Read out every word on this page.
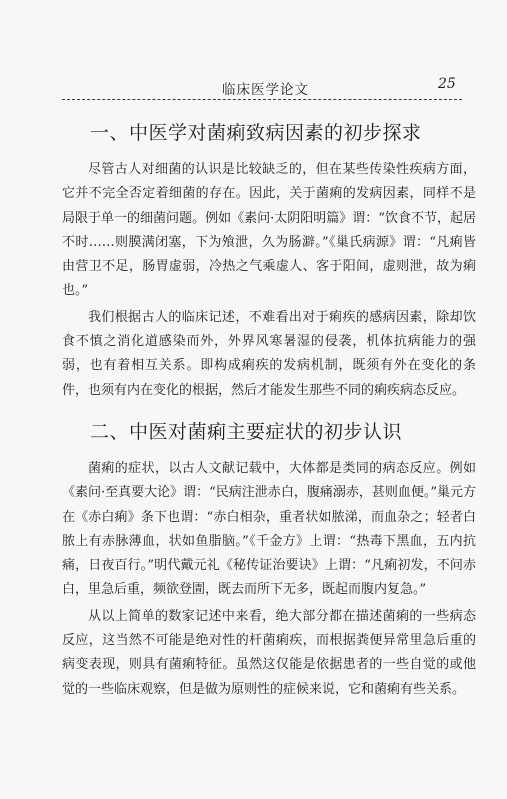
临床医学论文	25
一、中医学对菌痢致病因素的初步探求

尽管古人对细菌的认识是比较缺乏的，但在某些传染性疾病方面，它并不完全否定着细菌的存在。因此，关于菌痢的发病因素，同样不是局限于单一的细菌问题。例如《素问·太阴阳明篇》谓：“饮食不节，起居不时……则膜满闭塞，下为飧泄，久为肠澼。”《巢氏病源》谓：“凡痢皆由营卫不足，肠胃虚弱，冷热之气乘虚人、客于阳间，虚则泄，故为痢也。”

我们根据古人的临床记述，不难看出对于痢疾的感病因素，除却饮食不慎之消化道感染而外，外界风寒暑湿的侵袭，机体抗病能力的强弱，也有着相互关系。即构成痢疾的发病机制，既须有外在变化的条件，也须有内在变化的根据，然后才能发生那些不同的痢疾病态反应。

二、中医对菌痢主要症状的初步认识

菌痢的症状，以古人文献记载中，大体都是类同的病态反应。例如《素问·至真要大论》谓：“民病注泄赤白，腹痛溺赤，甚则血便。”巢元方在《赤白痢》条下也谓：“赤白相杂，重者状如脓涕，而血杂之；轻者白脓上有赤脉薄血，状如鱼脂脑。”《千金方》上谓：“热毒下黑血，五内抗痛，日夜百行。”明代戴元礼《秘传证治要诀》上谓：“凡痢初发，不问赤白，里急后重，频欲登圊，既去而所下无多，既起而腹内复急。”

从以上简单的数家记述中来看，绝大部分都在描述菌痢的一些病态反应，这当然不可能是绝对性的杆菌痢疾，而根据粪便异常里急后重的病变表现，则具有菌痢特征。虽然这仅能是依据患者的一些自觉的或他觉的一些临床观察，但是做为原则性的症候来说，它和菌痢有些关系。
